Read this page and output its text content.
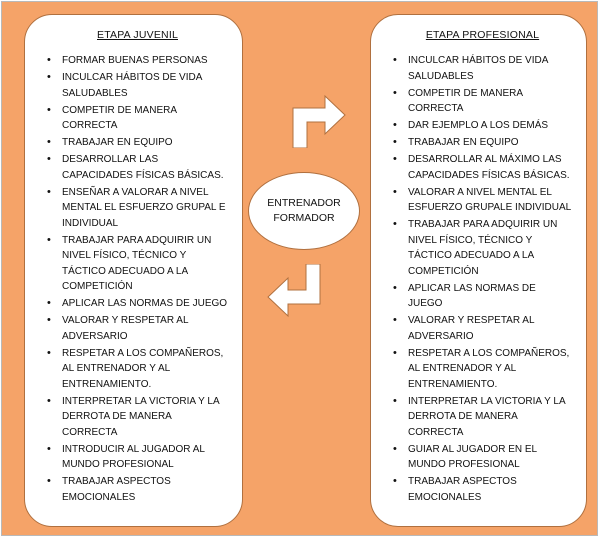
ETAPA JUVENIL
• FORMAR BUENAS PERSONAS
• INCULCAR HÁBITOS DE VIDA SALUDABLES
• COMPETIR DE MANERA CORRECTA
• TRABAJAR EN EQUIPO
• DESARROLLAR LAS CAPACIDADES FÍSICAS BÁSICAS.
• ENSEÑAR A VALORAR A NIVEL MENTAL EL ESFUERZO GRUPAL E INDIVIDUAL
• TRABAJAR PARA ADQUIRIR UN NIVEL FÍSICO, TÉCNICO Y TÁCTICO ADECUADO A LA COMPETICIÓN
• APLICAR LAS NORMAS DE JUEGO
• VALORAR Y RESPETAR AL ADVERSARIO
• RESPETAR A LOS COMPAÑEROS, AL ENTRENADOR Y AL ENTRENAMIENTO.
• INTERPRETAR LA VICTORIA Y LA DERROTA DE MANERA CORRECTA
• INTRODUCIR AL JUGADOR AL MUNDO PROFESIONAL
• TRABAJAR ASPECTOS EMOCIONALES
ENTRENADOR
FORMADOR
ETAPA PROFESIONAL
• INCULCAR HÁBITOS DE VIDA SALUDABLES
• COMPETIR DE MANERA CORRECTA
• DAR EJEMPLO A LOS DEMÁS
• TRABAJAR EN EQUIPO
• DESARROLLAR AL MÁXIMO LAS CAPACIDADES FÍSICAS BÁSICAS.
• VALORAR A NIVEL MENTAL EL ESFUERZO GRUPALE INDIVIDUAL
• TRABAJAR PARA ADQUIRIR UN NIVEL FÍSICO, TÉCNICO Y TÁCTICO ADECUADO A LA COMPETICIÓN
• APLICAR LAS NORMAS DE JUEGO
• VALORAR Y RESPETAR AL ADVERSARIO
• RESPETAR A LOS COMPAÑEROS, AL ENTRENADOR Y AL ENTRENAMIENTO.
• INTERPRETAR LA VICTORIA Y LA DERROTA DE MANERA CORRECTA
• GUIAR AL JUGADOR EN EL MUNDO PROFESIONAL
• TRABAJAR ASPECTOS EMOCIONALES
